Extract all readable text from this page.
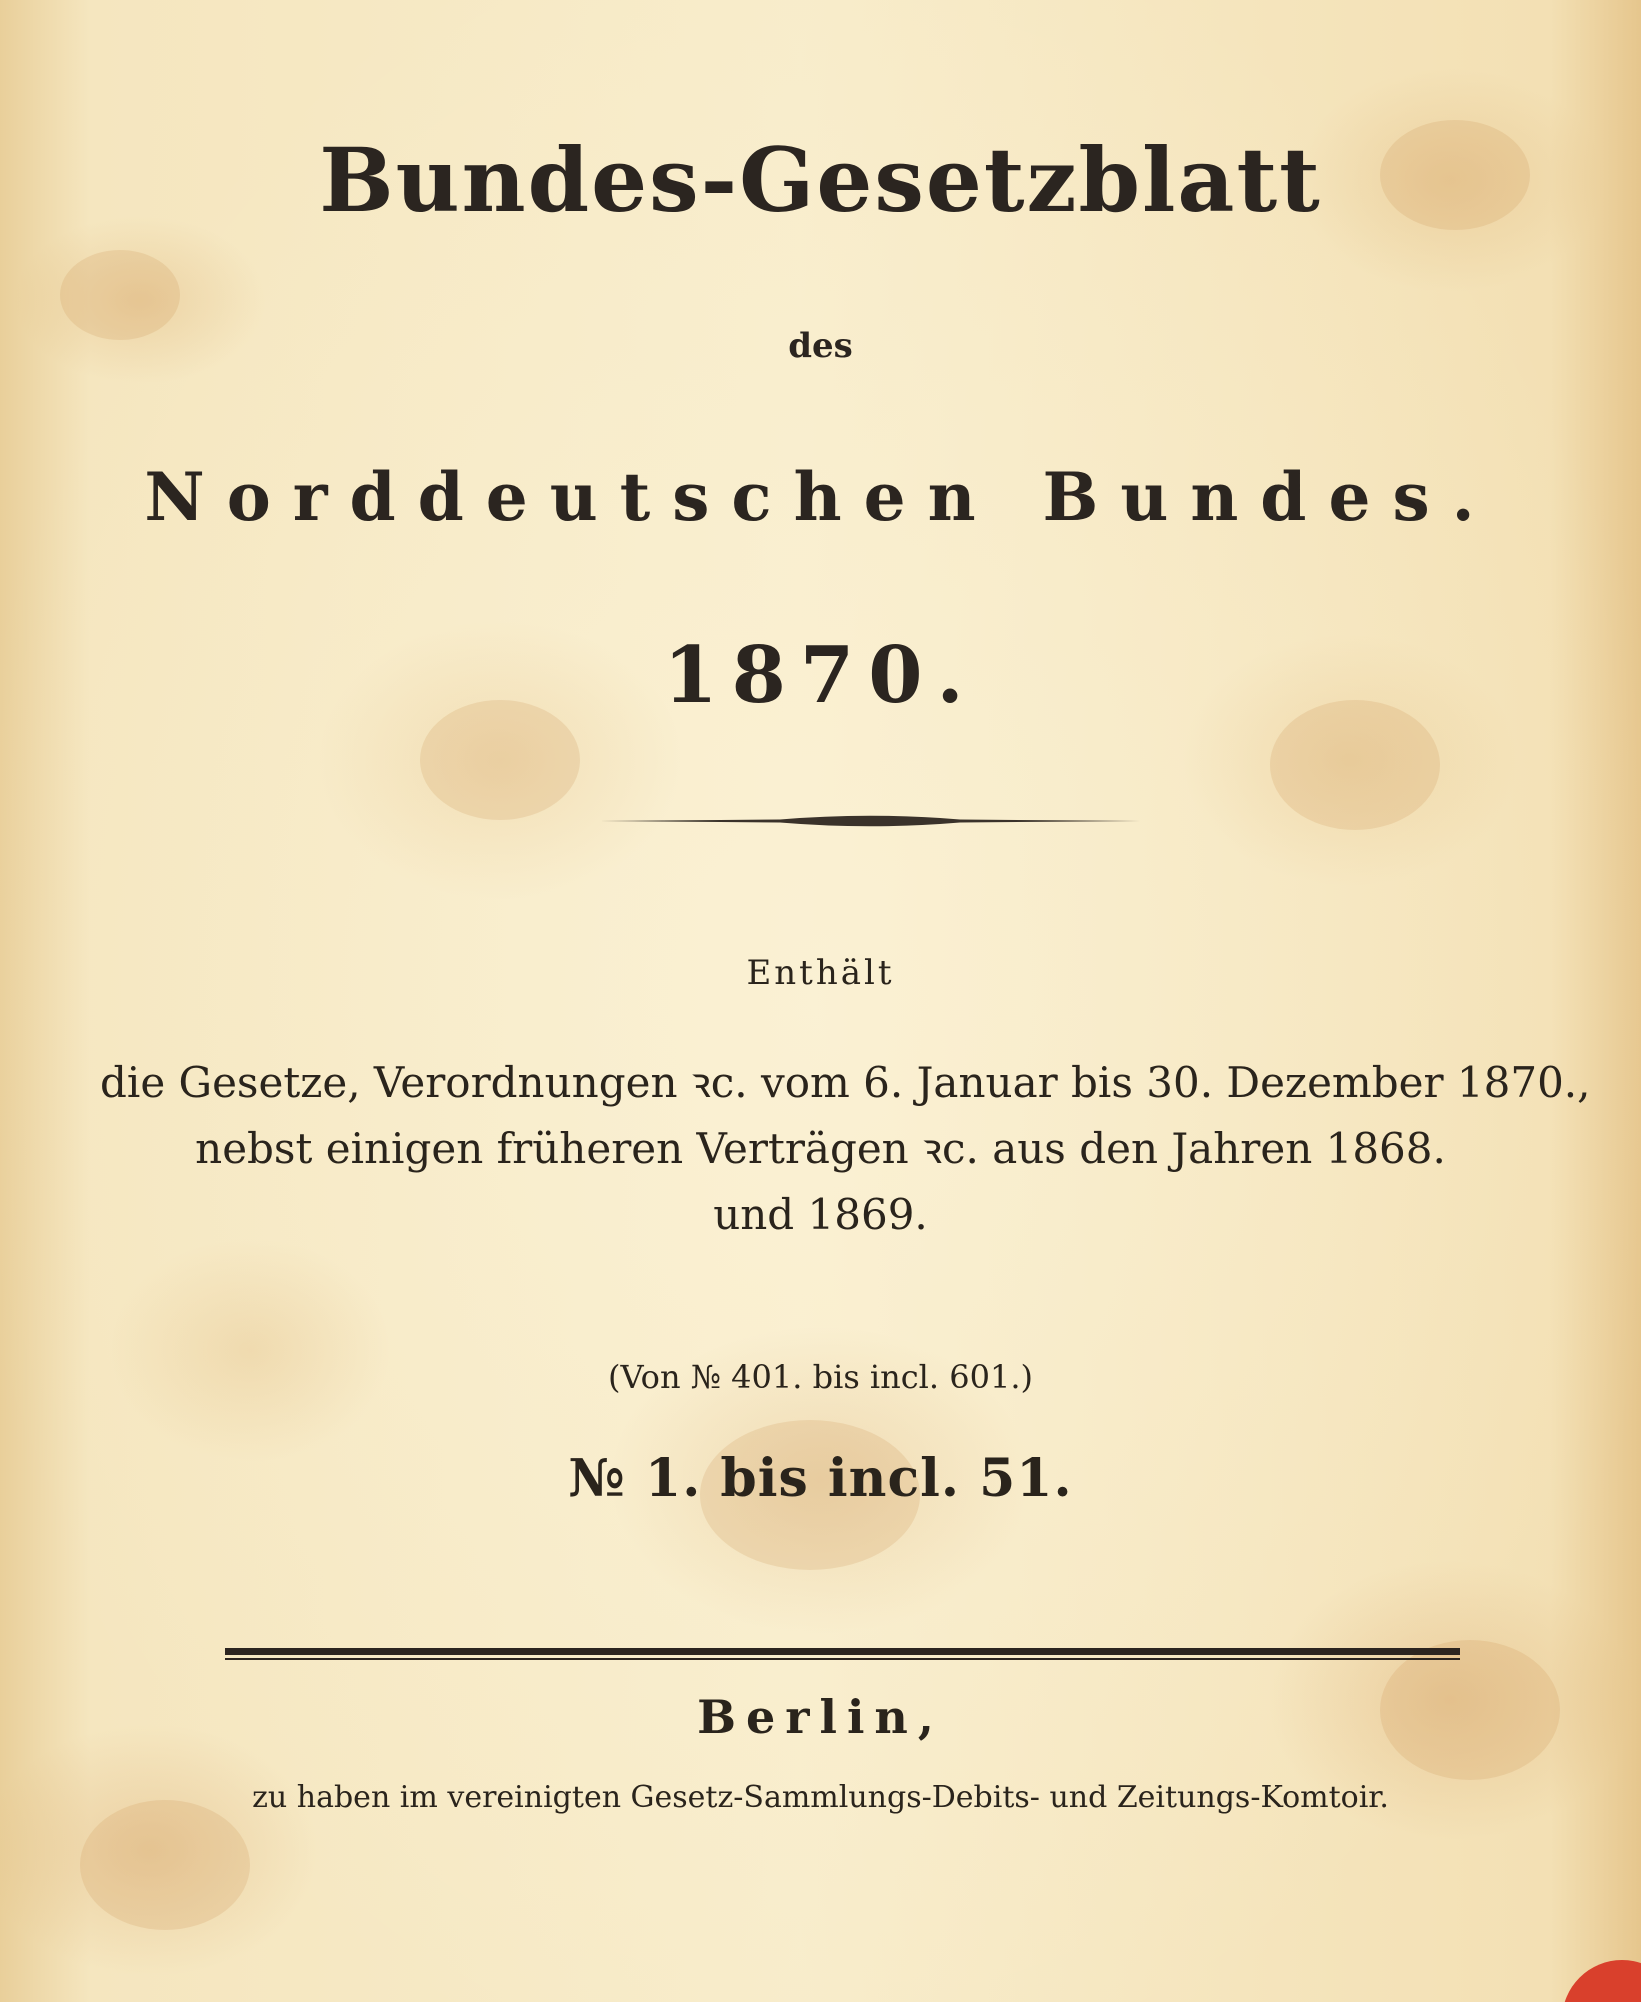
Bundes-Gesetzblatt
des
Norddeutschen Bundes.
1870.
Enthält
die Gesetze, Verordnungen ꝛc. vom 6. Januar bis 30. Dezember 1870.,
nebst einigen früheren Verträgen ꝛc. aus den Jahren 1868.
und 1869.
(Von № 401. bis incl. 601.)
№ 1. bis incl. 51.
Berlin,
zu haben im vereinigten Gesetz-Sammlungs-Debits- und Zeitungs-Komtoir.
